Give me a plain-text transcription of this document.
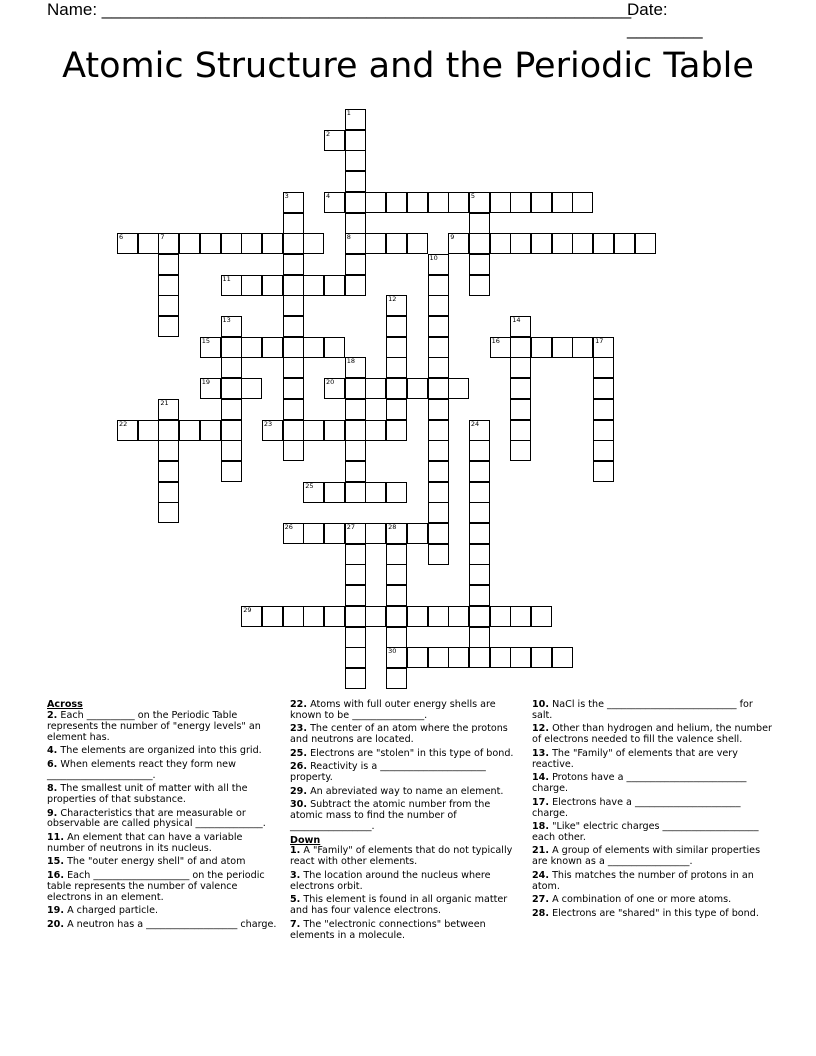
Name: ________________________________________________________
Date: ________
Atomic Structure and the Periodic Table
1
2
3	4	5
6	7	8	9
10
11
12
13	14
15	16	17
18
19	20
21
22	23	24
25
26	27	28
29
30
Across
2. Each __________ on the Periodic Table represents the number of "energy levels" an element has.
4. The elements are organized into this grid.
6. When elements react they form new ______________________.
8. The smallest unit of matter with all the properties of that substance.
9. Characteristics that are measurable or observable are called physical ______________.
11. An element that can have a variable number of neutrons in its nucleus.
15. The "outer energy shell" of and atom
16. Each ____________________ on the periodic table represents the number of valence electrons in an element.
19. A charged particle.
20. A neutron has a ___________________ charge.
22. Atoms with full outer energy shells are known to be _______________.
23. The center of an atom where the protons and neutrons are located.
25. Electrons are "stolen" in this type of bond.
26. Reactivity is a ______________________ property.
29. An abreviated way to name an element.
30. Subtract the atomic number from the atomic mass to find the number of _________________.
Down
1. A "Family" of elements that do not typically react with other elements.
3. The location around the nucleus where electrons orbit.
5. This element is found in all organic matter and has four valence electrons.
7. The "electronic connections" between elements in a molecule.
10. NaCl is the ___________________________ for salt.
12. Other than hydrogen and helium, the number of electrons needed to fill the valence shell.
13. The "Family" of elements that are very reactive.
14. Protons have a _________________________ charge.
17. Electrons have a ______________________ charge.
18. "Like" electric charges ____________________ each other.
21. A group of elements with similar properties are known as a _________________.
24. This matches the number of protons in an atom.
27. A combination of one or more atoms.
28. Electrons are "shared" in this type of bond.
